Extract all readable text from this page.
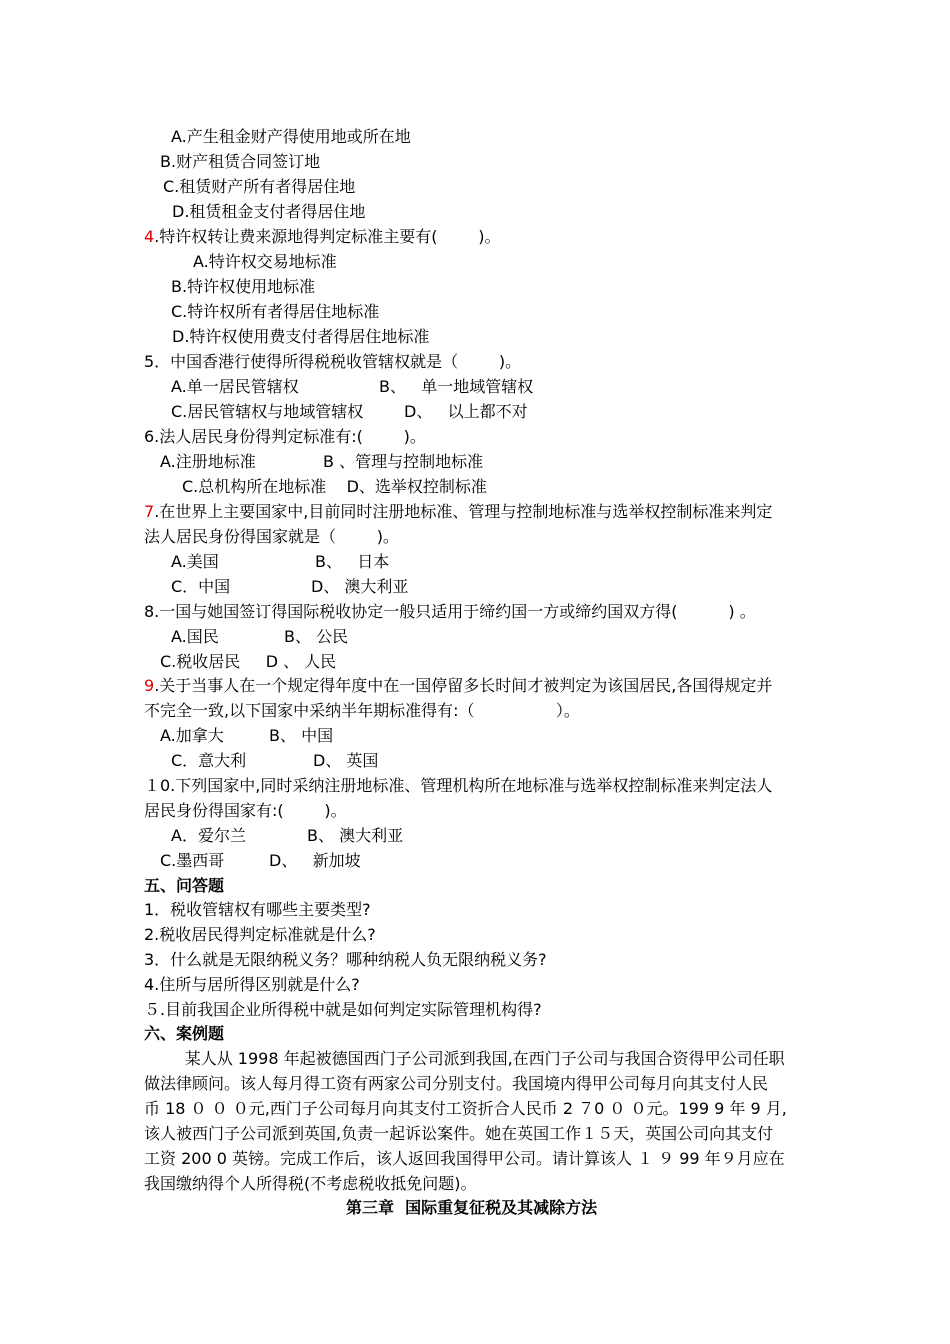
A.产生租金财产得使用地或所在地
B.财产租赁合同签订地
C.租赁财产所有者得居住地
D.租赁租金支付者得居住地
4.特许权转让费来源地得判定标准主要有(        )。
A.特许权交易地标准
B.特许权使用地标准
C.特许权所有者得居住地标准
D.特许权使用费支付者得居住地标准
5．中国香港行使得所得税税收管辖权就是（        )。
A.单一居民管辖权	B、   单一地域管辖权
C.居民管辖权与地域管辖权	D、   以上都不对
6.法人居民身份得判定标准有:(        )。
A.注册地标准	B 、管理与控制地标准
C.总机构所在地标准    D、选举权控制标准
7.在世界上主要国家中,目前同时注册地标准、管理与控制地标准与选举权控制标准来判定
法人居民身份得国家就是（        )。
A.美国	B、   日本
C．中国	D、 澳大利亚
8.一国与她国签订得国际税收协定一般只适用于缔约国一方或缔约国双方得(          ) 。
A.国民	B、 公民
C.税收居民     D 、 人民
9.关于当事人在一个规定得年度中在一国停留多长时间才被判定为该国居民,各国得规定并
不完全一致,以下国家中采纳半年期标准得有:（                ）。
A.加拿大	B、 中国
C．意大利	D、 英国
１0.下列国家中,同时采纳注册地标准、管理机构所在地标准与选举权控制标准来判定法人
居民身份得国家有:(        )。
A．爱尔兰	B、 澳大利亚
C.墨西哥	D、   新加坡
五、问答题
1．税收管辖权有哪些主要类型?
2.税收居民得判定标准就是什么?
3．什么就是无限纳税义务？哪种纳税人负无限纳税义务?
4.住所与居所得区别就是什么?
５.目前我国企业所得税中就是如何判定实际管理机构得?
六、案例题
某人从 1998 年起被德国西门子公司派到我国,在西门子公司与我国合资得甲公司任职
做法律顾问。该人每月得工资有两家公司分别支付。我国境内得甲公司每月向其支付人民
币 18 ０ ０ ０元,西门子公司每月向其支付工资折合人民币 2 ７0 ０ ０元。199 9 年 9 月,
该人被西门子公司派到英国,负责一起诉讼案件。她在英国工作１５天，英国公司向其支付
工资 200 0 英镑。完成工作后，该人返回我国得甲公司。请计算该人 １ ９ 99 年９月应在
我国缴纳得个人所得税(不考虑税收抵免问题)。
第三章  国际重复征税及其减除方法
